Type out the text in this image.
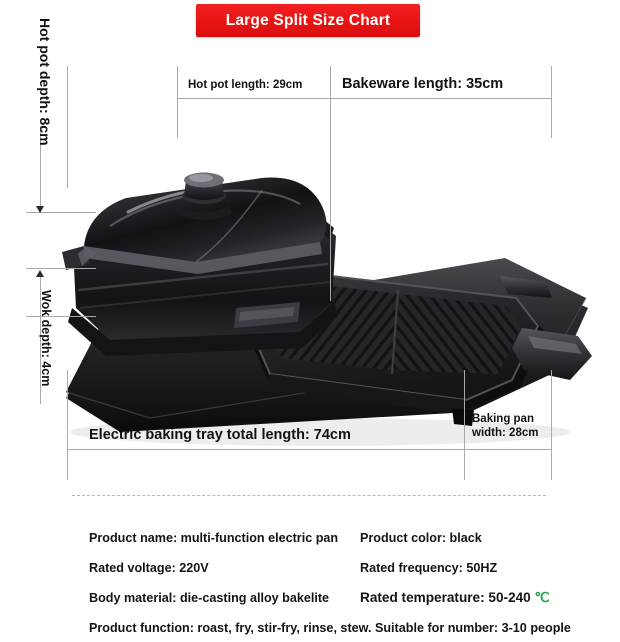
Large Split Size Chart
Hot pot length: 29cm	Bakeware length: 35cm
Hot pot depth: 8cm
Wok depth: 4cm
Electric baking tray total length: 74cm
Baking pan
width: 28cm
Product name: multi-function electric pan Product color: black
Rated voltage: 220V	Rated frequency: 50HZ
Body material: die-casting alloy bakelite Rated temperature: 50-240 ℃
Product function: roast, fry, stir-fry, rinse, stew. Suitable for number: 3-10 people
